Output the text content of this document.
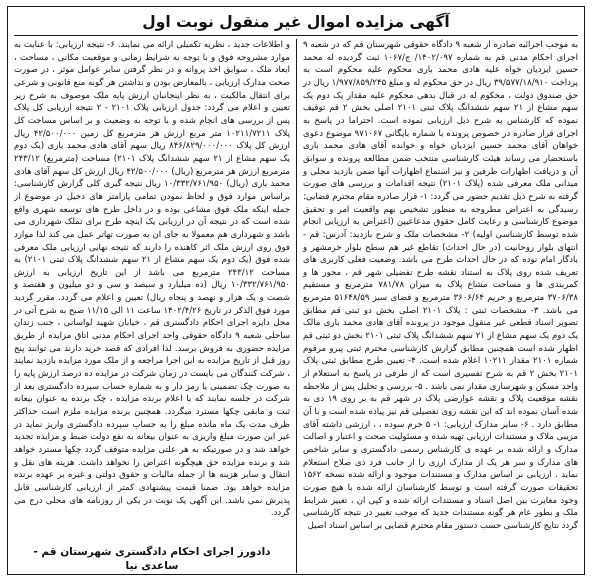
آگهی مزایده اموال غیر منقول نوبت اول

به موجب اجرائیه صادره از شعبه ۹ دادگاه حقوقی شهرستان قم که در شعبه ۹ اجرای احکام مدنی قم به شماره ۱۴۰۲/۰۹۷/ ج/۱۰۶۷ ثبت گردیده له محمد حسین ایزدیان خواه علیه هادی محمد باری محکوم علیه محکوم است به پرداخت ۳۹/۵۷۷/۱۸/۹۱۰ ریال در حق محکوم له و مبلغ ۱/۹۷۷/۸۵۹/۲۴۵ ریال در حق صندوق دولت ، محکوم له در قبال بدهی محکوم علیه مقدار یک دوم یک سهم مشاع از ۲۱ سهم ششدانگ پلاک ثبتی ۲۱۰۱ اصلی بخش ۲ قم توقیف نموده که کارشناس به شرح ذیل ارزیابی نموده است. احتراما در پاسخ به اجرای قرار صادره در خصوص پرونده با شماره بایگانی ۹۷۱۰۶۷ موضوع دعوی خواهان آقای محمد حسین ایزدیان خواه و خوانده آقای هادی محمد باری باستحضار می رساند هیئت کارشناسی منتخب ضمن مطالعه پرونده و سوابق آن و دریافت اظهارات طرفین و نیز استماع اظهارات آنها ضمن بازدید محلی و میدانی ملک معرفی شده (پلاک ۲۱۰۱) نتیجه اقدامات و بررسی های صورت گرفته به شرح ذیل تقدیم حضور می گردد: ۱- قرار صادره مقام محترم قضایی: رسیدگی به اعتراض مطروحه به منظور تشخیص بهم واقعیت امر و تحقیق موضوع کارشناسی و رعایت کامل حقوق مدعاعیین (اعتراض به ارزیابی انجام شده توسط کارشناسی اولیه) ۲- مشخصات ملک و شرح بازدید: آدرس: قم - انتهای بلوار روحانیت (در حال احداث) تقاطع غیر هم سطح بلوار خرمشهر و یادگار امام نوده که در حال احداث طرح می باشد. وضعیت فعلی کاربری های تعریف شده روی پلاک به استناد نقشه طرح تفضیلی شهر قم ، محور ها و کمربندی ها و مساحت مشاع پلاک به میزان ۷۸۱/۷۸ مترمربع و مستقیم ۳۷۰۶/۳۸ مترمربع و حریم ۳۶۰۶/۶۴ مترمربع و فضای سبز ۵۱۶۴۸/۵۹ مترمربع می باشد. ۳- مشخصات ثبتی : پلاک ۲۱۰۱ اصلی بخش دو ثبتی قم مطابق تصویر اسناد قطعی غیر منقول موجود در پرونده آقای هادی محمد باری مالک یک دوم یک سهم مشاع از ۲۱ سهم ششدانگ پلاک ثبتی ۲۱۰۱ بخش دو ثبتی قم اظهار شده است همچنین مطابق گزارش کارشناسی محترم ثبتی پیرو مرقوم شماره ۲۱۰۱ مقدار ۱۰۲۱۱ اعلام شده است. ۴- تعیین طرح مطابق ثبتی پلاک ۲۱۰۱ بخش ۲ قم به شرح تفسیری است که از طرفی در پاسخ به استعلام از واحد مسکن و شهرسازی مقدار نمی باشد . ۵- بررسی و تحلیل پس از ملاحظه نقشه موقعیت پلاک و نقشه عوارضی پلاک در شهر قم به بر روی ۱۹ دی به شده آسان نموده اند که این نقشه روی تفصیلی قم نیز پیاده شده است و با آن مطابق دارد . ۶- سایر مدارک ارزیابی: ۱- ۵ خرم سوده ، ، ارزشی داشته آقای مزیبی ملاک و مستندات ارزیابی تهیه شده و مسئولیت صحت و اعتبار و اصالت مدارک و ارائه شده بر عهده ی کارشناس رسمی دادگستری و سایر شاخص های مدارک و سر هر یک از مدارک ارزی را از جانب فرد ذی صلاح استعلام نماید . ارزیابی بر اساس مدارک و مستندات موجود و ارائه شده نسخه ۱۵۶۲ تحقیقات صورت گرفته است و توسط کارشناسان ارائه شده با هیچ صورت وجود مغایرت بین اصل اسناد و مستندات ارائه شده و کپی ان ، تغییر شرایط ملک و بطور عام هر گونه مستندات جدید که موجب تغییر در نتیجه کارشناسی گردد نتایج کارشناسی حسب دستور مقام محترم قضایی بر اساس اسناد اصیل

و اطلاعات جدید ، نظریه تکمیلی ارائه می نمایند. ۶- نتیجه ارزیابی: با عنایت به موارد مشروحه فوق و با توجه به شرایط زمانی و موقعیت مکانی ، مساحت ، ابعاد ملک ، سوابق اخذ پروانه و در نظر گرفتن سایر عوامل موثر ، در صورت صحت مدارک ارزیابی ، بالمعارض بودن و نداشتن هر گونه منع قانونی و شرعی برای انتقال مالکیت ، به نظر اینجانبان ارزش پایه ملک موصوف به شرح زیر تعیین و اعلام می گردد: جدول ارزیابی پلاک ۲۱۰۱ - ۲ نتیجه ارزیابی کل پلاک پس از بررسی های انجام شده و با توجه به وضعیت و بر اساس مساحت کل پلاک ۱۰۲۱۱/۷۲۱۱ متر مربع ارزش هر مترمربع کل زمین ۴۲/۵۰۰/۰۰۰ ریال ارزش کل پلاک ۸۴۶/۸۲۹/۰۰۰/۰۰۰ ریال سهم آقای هادی محمد باری (یک دوم یک سهم مشاع از ۲۱ سهم ششدانگ پلاک ۲۱۰۱) مساحت (مترمربع) ۲۴۳/۱۲ مترمربع ارزش هر مترمربع (ریال) ۴۲/۵۰۰/۰۰۰ ریال ارزش کل سهم آقای هادی محمد باری (ریال) ۱۰/۳۳۲/۷۶۱/۹۵۰ ریال نتیجه گیری کلی گزارش کارشناسی: براساس موارد فوق و لحاظ نمودن تمامی پارامتر های دخیل در موضوع از جمله اینکه ملک فوق مشاعی بوده و در داخل طرح های توسعه شهری واقع شده است که در نتیجه آن در ارزیابی یک اینچه طرح برای تملک شهرداری می باشد و شهرداری هم معمولا به جای ان به صورت تهاتر عمل می کند لذا موارد فوق روی ارزش ملک اثر کاهنده را دارند که نتیجه نهایی ارزیابی ملک معرفی شده فوق (یک دوم یک سهم مشاع از ۲۱ سهم ششدانگ پلاک ثبتی ۲۱۰۱) به مساحت ۲۴۳/۱۲ مترمربع می باشد از این تاریخ ارزیابی به ارزش ۱۰/۳۳۲/۷۶۱/۹۵۰ ریال (ده میلیارد و سیصد و سی و دو میلیون و هفتصد و شصت و یک هزار و نهصد و پنجاه ریال) تعیین و اعلام می گردد. مقرر گردید مورد فوق الذکر در تاریخ ۱۴۰۲/۴/۲۶ ساعت ۱۱ الی ۱۱/۱۵ صبح به شرح آتی در محل دایره اجرای احکام دادگستری قم ، خیابان شهید لواسانی ، جنب زندان ساحلی شعبه ۹ دادگاه حقوقی واحد اجرای احکام مدنی اتاق مزایده از طریق مزایده حضوری به فروش برسد. لذا افرادی که قصد خرید دارند می توانند پنج روز قبل از تاریخ مزایده به این اجرا مراجعه و از ملک مورد مزایده بازدید نمایند ، شرکت کنندگان می بایست در زمان شرکت در مزایده ده درصد ارزش پایه را به صورت چک تضمینی یا رمز دار و به شماره حساب سپرده دادگستری بعد از شرکت در جلسه نمایند که با اعلام برنده مزایده ، چک برنده به عنوان بیعانه ثبت و مابقی چکها مسترد میگردد. همچنین برنده مزایده ملزم است حداکثر ظرف مدت یک ماه مانده مبلغ را به حساب سپرده دادگستری واریز نماید در غیر این صورت مبلغ واریزی به عنوان بیعانه به نفع دولت ضبط و مزایده تجدید خواهد شد و در صورتیکه به هر علتی مزایده متوقف گردد چکها مسترد خواهد شد و برنده مزایده حق هیچگونه اعتراض را نخواهد داشت. هزینه های نقل و انتقال و سایر هزینه ها از جمله مالیات و حقوق دولتی و غیره بر عهده برنده مزایده خواهد بود. ضمنا قیمت پیشنهادی کمتر از ارزیابی کارشناسی قابل پذیرش نمی باشد. این آگهی یک نوبت در یکی از روزنامه های محلی درج می گردد.

دادورز اجرای احکام دادگستری شهرستان قم - ساعدی نیا
